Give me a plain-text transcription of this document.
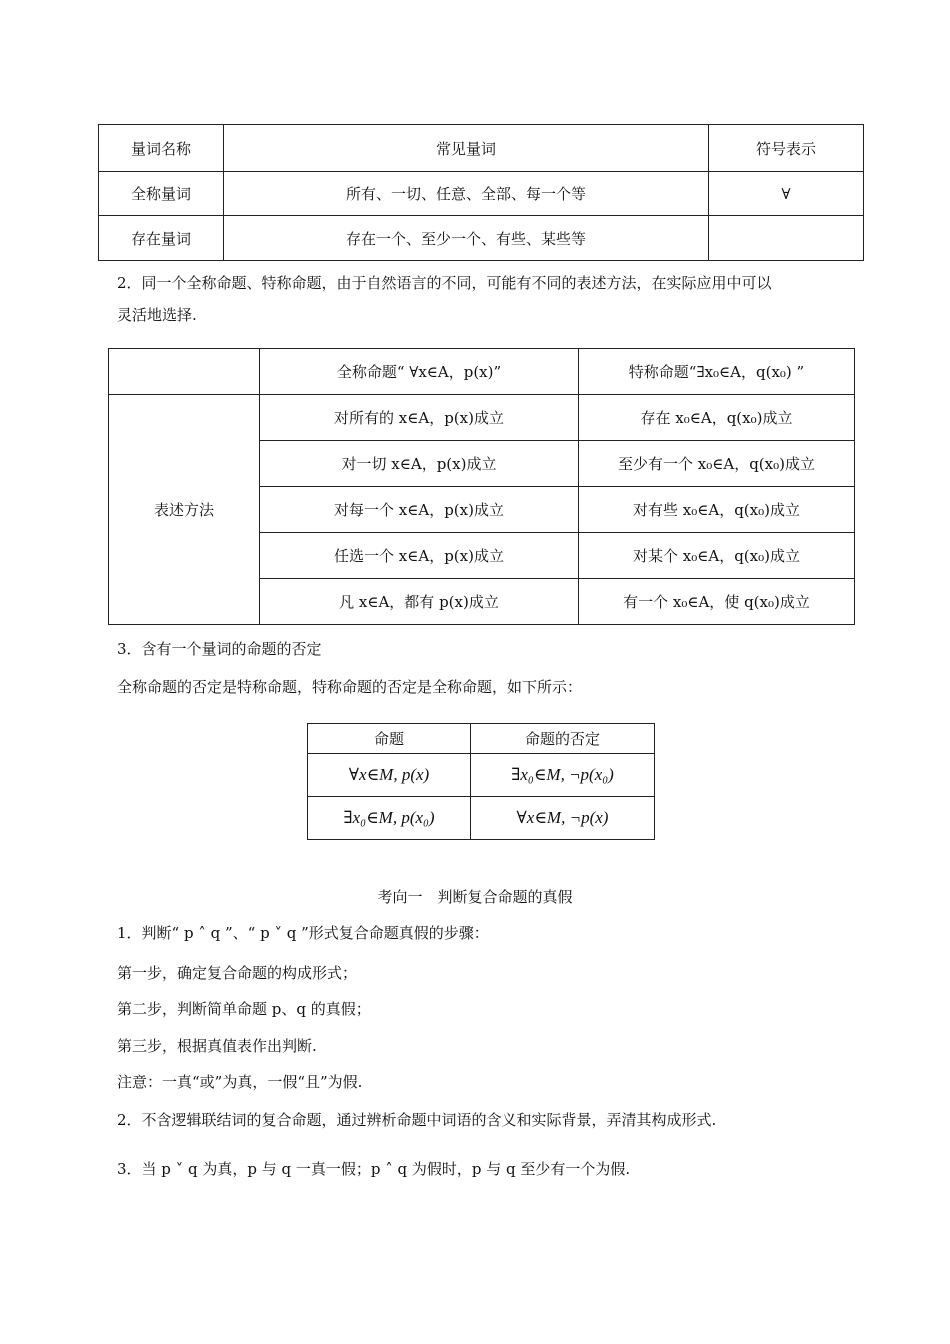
量词名称	常见量词	符号表示
全称量词	所有、一切、任意、全部、每一个等	∀
存在量词	存在一个、至少一个、有些、某些等	
2．同一个全称命题、特称命题，由于自然语言的不同，可能有不同的表述方法，在实际应用中可以
灵活地选择.
	全称命题“ ∀x∈A，p(x)”	特称命题“∃x₀∈A，q(x₀) ”
表述方法	对所有的 x∈A，p(x)成立	存在 x₀∈A，q(x₀)成立
	对一切 x∈A，p(x)成立	至少有一个 x₀∈A，q(x₀)成立
	对每一个 x∈A，p(x)成立	对有些 x₀∈A，q(x₀)成立
	任选一个 x∈A，p(x)成立	对某个 x₀∈A，q(x₀)成立
	凡 x∈A，都有 p(x)成立	有一个 x₀∈A，使 q(x₀)成立
3．含有一个量词的命题的否定
全称命题的否定是特称命题，特称命题的否定是全称命题，如下所示：
命题	命题的否定
∀x∈M, p(x)	∃x₀∈M, ¬p(x₀)
∃x₀∈M, p(x₀)	∀x∈M, ¬p(x)
考向一　判断复合命题的真假
1．判断“ p ˄ q ”、“ p ˅ q ”形式复合命题真假的步骤：
第一步，确定复合命题的构成形式；
第二步，判断简单命题 p、q 的真假；
第三步，根据真值表作出判断.
注意：一真“或”为真，一假“且”为假.
2．不含逻辑联结词的复合命题，通过辨析命题中词语的含义和实际背景，弄清其构成形式.
3．当 p ˅ q 为真，p 与 q 一真一假；p ˄ q 为假时，p 与 q 至少有一个为假.
